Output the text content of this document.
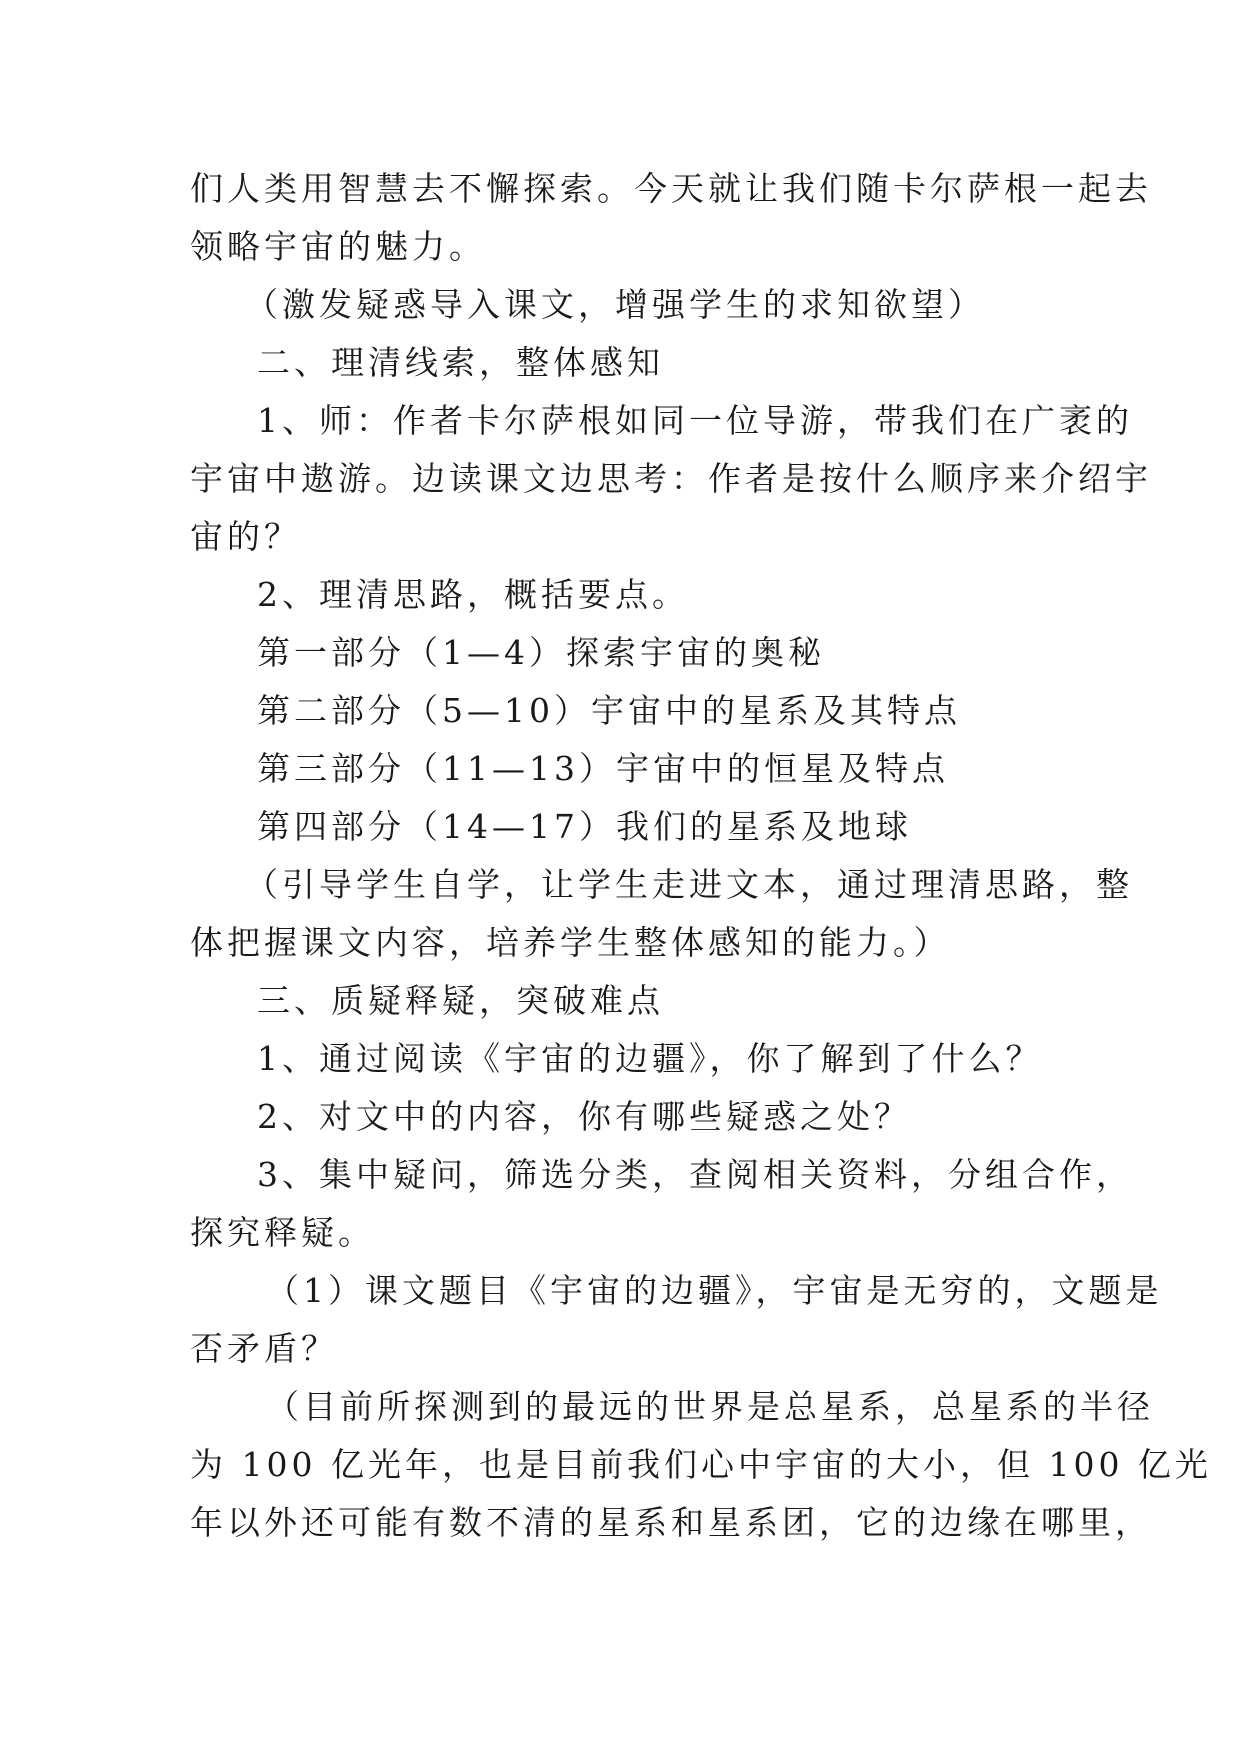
们人类用智慧去不懈探索。今天就让我们随卡尔萨根一起去
领略宇宙的魅力。
（激发疑惑导入课文，增强学生的求知欲望）
二、理清线索，整体感知
1、师：作者卡尔萨根如同一位导游，带我们在广袤的
宇宙中遨游。边读课文边思考：作者是按什么顺序来介绍宇
宙的？
2、理清思路，概括要点。
第一部分（1—4）探索宇宙的奥秘
第二部分（5—10）宇宙中的星系及其特点
第三部分（11—13）宇宙中的恒星及特点
第四部分（14—17）我们的星系及地球
（引导学生自学，让学生走进文本，通过理清思路，整
体把握课文内容，培养学生整体感知的能力。）
三、质疑释疑，突破难点
1、通过阅读《宇宙的边疆》，你了解到了什么？
2、对文中的内容，你有哪些疑惑之处？
3、集中疑问，筛选分类，查阅相关资料，分组合作，
探究释疑。
（1）课文题目《宇宙的边疆》，宇宙是无穷的，文题是
否矛盾？
（目前所探测到的最远的世界是总星系，总星系的半径
为 100 亿光年，也是目前我们心中宇宙的大小，但 100 亿光
年以外还可能有数不清的星系和星系团，它的边缘在哪里，
